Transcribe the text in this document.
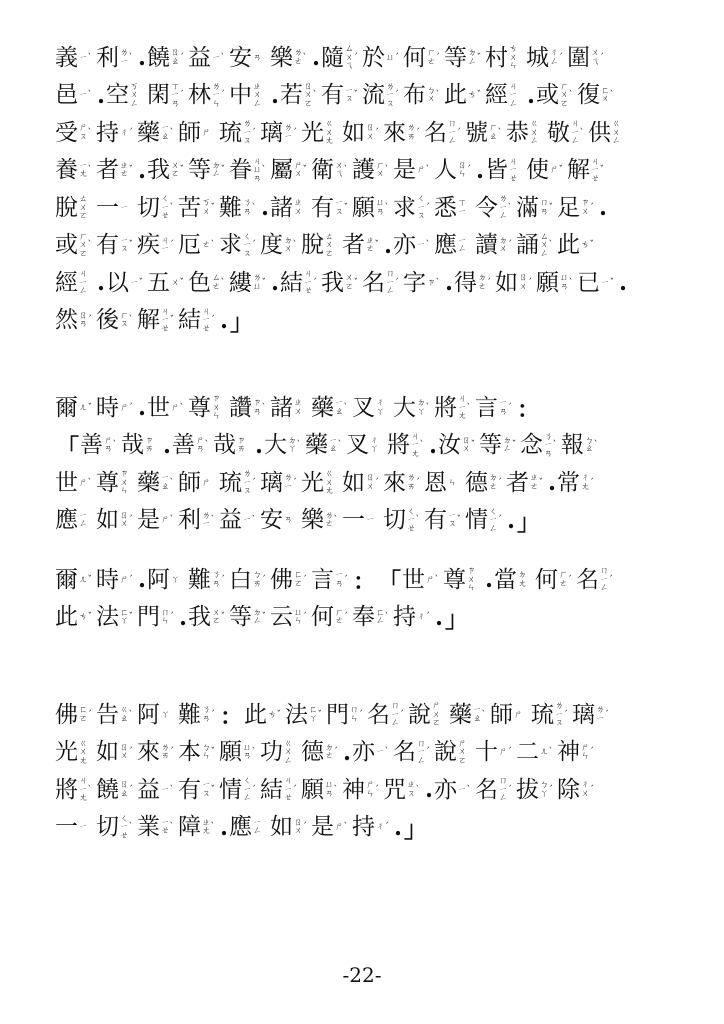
義 ㄧ ˋ 利 ㄌ
ㄧ ˋ . 饒 ㄖ
ㄠ ˊ 益 ㄧ ˋ 安 ㄢ 樂 ㄌ
ㄜ ˋ . 隨 ㄙ
ㄨ
ㄟ
ˊ 於 ㄩ ˊ 何 ㄏ
ㄜ ˊ 等 ㄉ
ㄥ ˇ 村 ㄘ
ㄨ
ㄣ 城 ㄔ
ㄥ ˊ 圍 ㄨ
ㄟ ˊ
邑 ㄧ ˋ . 空 ㄎ
ㄨ
ㄥ 閑 ㄒ
ㄧ
ㄢ
ˊ 林 ㄌ
ㄧ
ㄣ
ˊ 中 ㄓ
ㄨ
ㄥ . 若 ㄖ
ㄨ
ㄛ
ˋ 有 ㄧ
ㄡ ˇ 流 ㄌ
ㄧ
ㄡ
ˊ 布 ㄅ
ㄨ ˋ 此 ㄘ ˇ 經 ㄐ
ㄧ
ㄥ . 或 ㄏ
ㄨ
ㄛ
ˋ 復 ㄈ
ㄨ ˋ
受 ㄕ
ㄡ ˋ 持 ㄔ ˊ 藥 ㄧ
ㄠ ˋ 師 ㄕ 琉 ㄌ
ㄧ
ㄡ
ˊ 璃 ㄌ
ㄧ ˊ 光 ㄍ
ㄨ
ㄤ 如 ㄖ
ㄨ ˊ 來 ㄌ
ㄞ ˊ 名 ㄇ
ㄧ
ㄥ
ˊ 號 ㄏ
ㄠ ˋ 恭 ㄍ
ㄨ
ㄥ 敬 ㄐ
ㄧ
ㄥ
ˋ 供 ㄍ
ㄨ
ㄥ
養 ㄧ
ㄤ ˋ 者 ㄓ
ㄜ ˇ . 我 ㄨ
ㄛ ˇ 等 ㄉ
ㄥ ˇ 眷 ㄐ
ㄩ
ㄢ
ˋ 屬 ㄕ
ㄨ ˇ 衛 ㄨ
ㄟ ˋ 護 ㄏ
ㄨ ˋ 是 ㄕ ˋ 人 ㄖ
ㄣ ˊ . 皆 ㄐ
ㄧ
ㄝ 使 ㄕ ˇ 解 ㄐ
ㄧ
ㄝ
ˇ
脫 ㄊ
ㄨ
ㄛ 一 ㄧ 切 ㄑ
ㄧ
ㄝ
ˋ 苦 ㄎ
ㄨ ˇ 難 ㄋ
ㄢ ˋ . 諸 ㄓ
ㄨ 有 ㄧ
ㄡ ˇ 願 ㄩ
ㄢ ˋ 求 ㄑ
ㄧ
ㄡ
ˊ 悉 ㄒ
ㄧ 令 ㄌ
ㄧ
ㄥ
ˋ 滿 ㄇ
ㄢ ˇ 足 ㄗ
ㄨ ˊ .
或 ㄏ
ㄨ
ㄛ
ˋ 有 ㄧ
ㄡ ˇ 疾 ㄐ
ㄧ ˊ 厄 ㄜ ˋ 求 ㄑ
ㄧ
ㄡ
ˊ 度 ㄉ
ㄨ ˋ 脫 ㄊ
ㄨ
ㄛ 者 ㄓ
ㄜ ˇ . 亦 ㄧ ˋ 應 ㄧ
ㄥ 讀 ㄉ
ㄨ ˊ 誦 ㄙ
ㄨ
ㄥ
ˋ 此 ㄘ ˇ
經 ㄐ
ㄧ
ㄥ . 以 ㄧ ˇ 五 ㄨ ˇ 色 ㄙ
ㄜ ˋ 縷 ㄌ
ㄩ ˇ . 結 ㄐ
ㄧ
ㄝ
ˊ 我 ㄨ
ㄛ ˇ 名 ㄇ
ㄧ
ㄥ
ˊ 字 ㄗ ˋ . 得 ㄉ
ㄜ ˊ 如 ㄖ
ㄨ ˊ 願 ㄩ
ㄢ ˋ 已 ㄧ ˇ .
然 ㄖ
ㄢ ˊ 後 ㄏ
ㄡ ˋ 解 ㄐ
ㄧ
ㄝ
ˇ 結 ㄐ
ㄧ
ㄝ
ˊ . 」
爾 ㄦ ˇ 時 ㄕ ˊ . 世 ㄕ ˋ 尊 ㄗ
ㄨ
ㄣ 讚 ㄗ
ㄢ ˋ 諸 ㄓ
ㄨ 藥 ㄧ
ㄠ ˋ 叉 ㄔ
ㄚ 大 ㄉ
ㄚ ˋ 將 ㄐ
ㄧ
ㄤ
ˋ 言 ㄧ
ㄢ ˊ ：
「 善 ㄕ
ㄢ ˋ 哉 ㄗ
ㄞ . 善 ㄕ
ㄢ ˋ 哉 ㄗ
ㄞ . 大 ㄉ
ㄚ ˋ 藥 ㄧ
ㄠ ˋ 叉 ㄔ
ㄚ 將 ㄐ
ㄧ
ㄤ
ˋ . 汝 ㄖ
ㄨ ˇ 等 ㄉ
ㄥ ˇ 念 ㄋ
ㄧ
ㄢ
ˋ 報 ㄅ
ㄠ ˋ
世 ㄕ ˋ 尊 ㄗ
ㄨ
ㄣ 藥 ㄧ
ㄠ ˋ 師 ㄕ 琉 ㄌ
ㄧ
ㄡ
ˊ 璃 ㄌ
ㄧ ˊ 光 ㄍ
ㄨ
ㄤ 如 ㄖ
ㄨ ˊ 來 ㄌ
ㄞ ˊ 恩 ㄣ 德 ㄉ
ㄜ ˊ 者 ㄓ
ㄜ ˇ . 常 ㄔ
ㄤ ˊ
應 ㄧ
ㄥ 如 ㄖ
ㄨ ˊ 是 ㄕ ˋ 利 ㄌ
ㄧ ˋ 益 ㄧ ˋ 安 ㄢ 樂 ㄌ
ㄜ ˋ 一 ㄧ 切 ㄑ
ㄧ
ㄝ
ˋ 有 ㄧ
ㄡ ˇ 情 ㄑ
ㄧ
ㄥ
ˊ . 」
爾 ㄦ ˇ 時 ㄕ ˊ . 阿 ㄚ 難 ㄋ
ㄢ ˊ 白 ㄅ
ㄞ ˊ 佛 ㄈ
ㄛ ˊ 言 ㄧ
ㄢ ˊ ： 「 世 ㄕ ˋ 尊 ㄗ
ㄨ
ㄣ . 當 ㄉ
ㄤ 何 ㄏ
ㄜ ˊ 名 ㄇ
ㄧ
ㄥ
ˊ
此 ㄘ ˇ 法 ㄈ
ㄚ ˇ 門 ㄇ
ㄣ ˊ . 我 ㄨ
ㄛ ˇ 等 ㄉ
ㄥ ˇ 云 ㄩ
ㄣ ˊ 何 ㄏ
ㄜ ˊ 奉 ㄈ
ㄥ ˋ 持 ㄔ ˊ . 」
佛 ㄈ
ㄛ ˊ 告 ㄍ
ㄠ ˋ 阿 ㄚ 難 ㄋ
ㄢ ˊ ： 此 ㄘ ˇ 法 ㄈ
ㄚ ˇ 門 ㄇ
ㄣ ˊ 名 ㄇ
ㄧ
ㄥ
ˊ 說 ㄕ
ㄨ
ㄛ 藥 ㄧ
ㄠ ˋ 師 ㄕ 琉 ㄌ
ㄧ
ㄡ
ˊ 璃 ㄌ
ㄧ ˊ
光 ㄍ
ㄨ
ㄤ 如 ㄖ
ㄨ ˊ 來 ㄌ
ㄞ ˊ 本 ㄅ
ㄣ ˇ 願 ㄩ
ㄢ ˋ 功 ㄍ
ㄨ
ㄥ 德 ㄉ
ㄜ ˊ . 亦 ㄧ ˋ 名 ㄇ
ㄧ
ㄥ
ˊ 說 ㄕ
ㄨ
ㄛ 十 ㄕ ˊ 二 ㄦ ˋ 神 ㄕ
ㄣ ˊ
將 ㄐ
ㄧ
ㄤ
ˋ 饒 ㄖ
ㄠ ˊ 益 ㄧ ˋ 有 ㄧ
ㄡ ˇ 情 ㄑ
ㄧ
ㄥ
ˊ 結 ㄐ
ㄧ
ㄝ
ˊ 願 ㄩ
ㄢ ˋ 神 ㄕ
ㄣ ˊ 咒 ㄓ
ㄡ ˋ . 亦 ㄧ ˋ 名 ㄇ
ㄧ
ㄥ
ˊ 拔 ㄅ
ㄚ ˊ 除 ㄔ
ㄨ ˊ
一 ㄧ 切 ㄑ
ㄧ
ㄝ
ˋ 業 ㄧ
ㄝ ˋ 障 ㄓ
ㄤ ˋ . 應 ㄧ
ㄥ 如 ㄖ
ㄨ ˊ 是 ㄕ ˋ 持 ㄔ ˊ . 」
-22-
